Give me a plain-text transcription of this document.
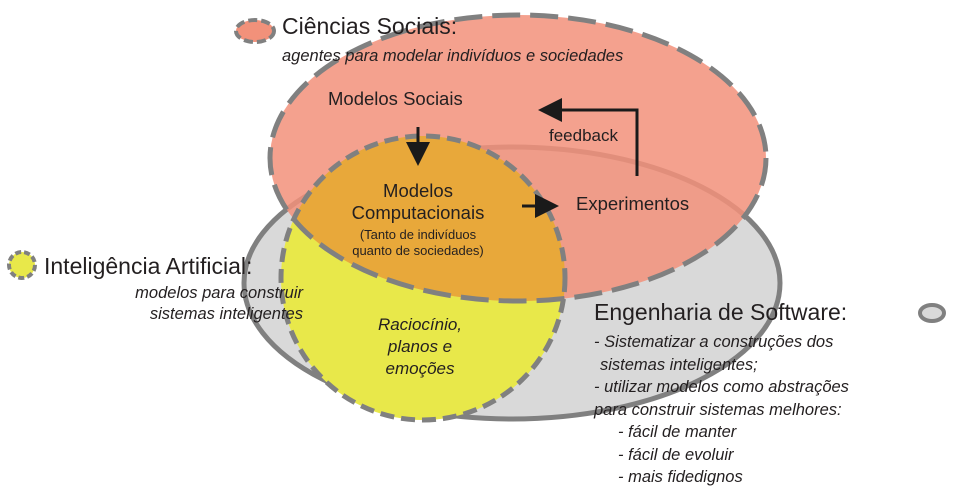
Ciências Sociais:
agentes para modelar indivíduos e sociedades
Inteligência Artificial:
modelos para construir
sistemas inteligentes	Engenharia de Software:
- Sistematizar a construções dos
sistemas inteligentes;
- utilizar modelos como abstrações
para construir sistemas melhores:
- fácil de manter
- fácil de evoluir
- mais fidedignos
Modelos Sociais
feedback
Modelos
Computacionais
(Tanto de indivíduos
quanto de sociedades)
Experimentos
Raciocínio,
planos e
emoções
